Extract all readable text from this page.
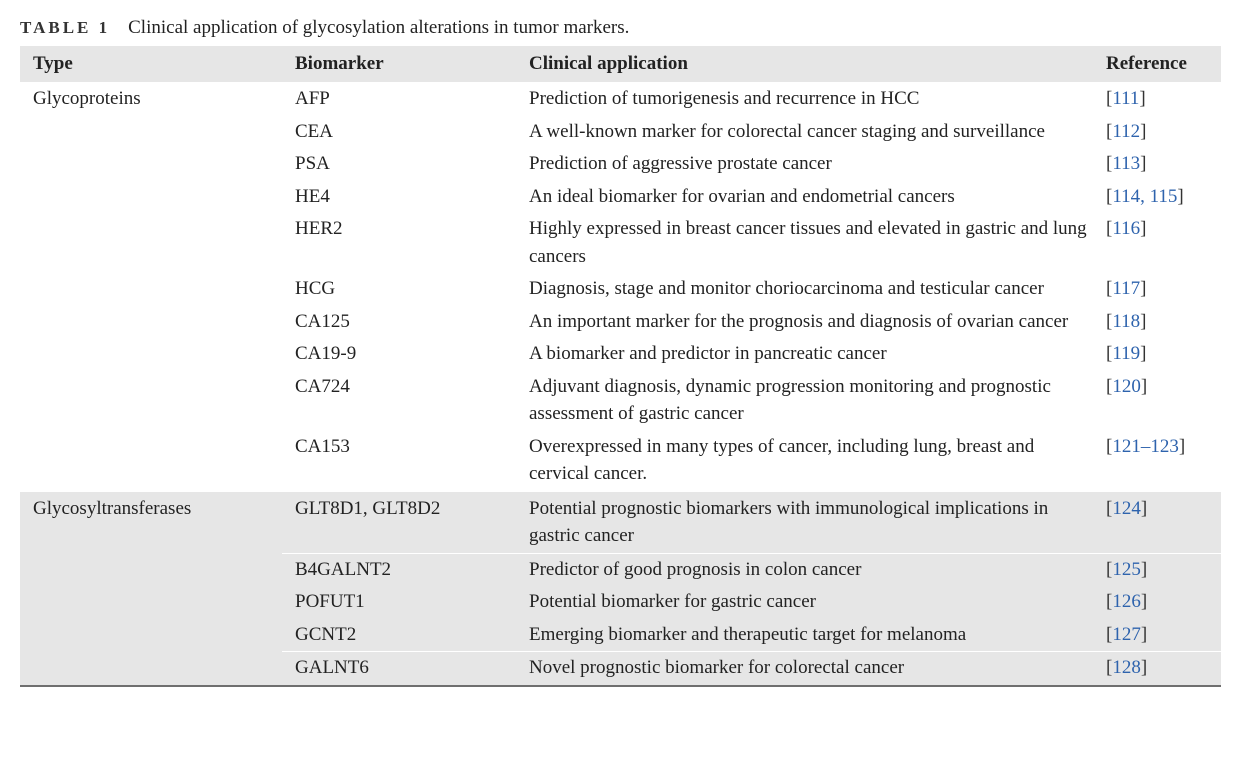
TABLE 1 Clinical application of glycosylation alterations in tumor markers.
Type	Biomarker	Clinical application	Reference
Glycoproteins	AFP	Prediction of tumorigenesis and recurrence in HCC	[111]
	CEA	A well-known marker for colorectal cancer staging and surveillance	[112]
	PSA	Prediction of aggressive prostate cancer	[113]
	HE4	An ideal biomarker for ovarian and endometrial cancers	[114, 115]
	HER2	Highly expressed in breast cancer tissues and elevated in gastric and lung cancers	[116]
	HCG	Diagnosis, stage and monitor choriocarcinoma and testicular cancer	[117]
	CA125	An important marker for the prognosis and diagnosis of ovarian cancer	[118]
	CA19-9	A biomarker and predictor in pancreatic cancer	[119]
	CA724	Adjuvant diagnosis, dynamic progression monitoring and prognostic assessment of gastric cancer	[120]
	CA153	Overexpressed in many types of cancer, including lung, breast and cervical cancer.	[121–123]
Glycosyltransferases	GLT8D1, GLT8D2	Potential prognostic biomarkers with immunological implications in gastric cancer	[124]
	B4GALNT2	Predictor of good prognosis in colon cancer	[125]
	POFUT1	Potential biomarker for gastric cancer	[126]
	GCNT2	Emerging biomarker and therapeutic target for melanoma	[127]
	GALNT6	Novel prognostic biomarker for colorectal cancer	[128]
